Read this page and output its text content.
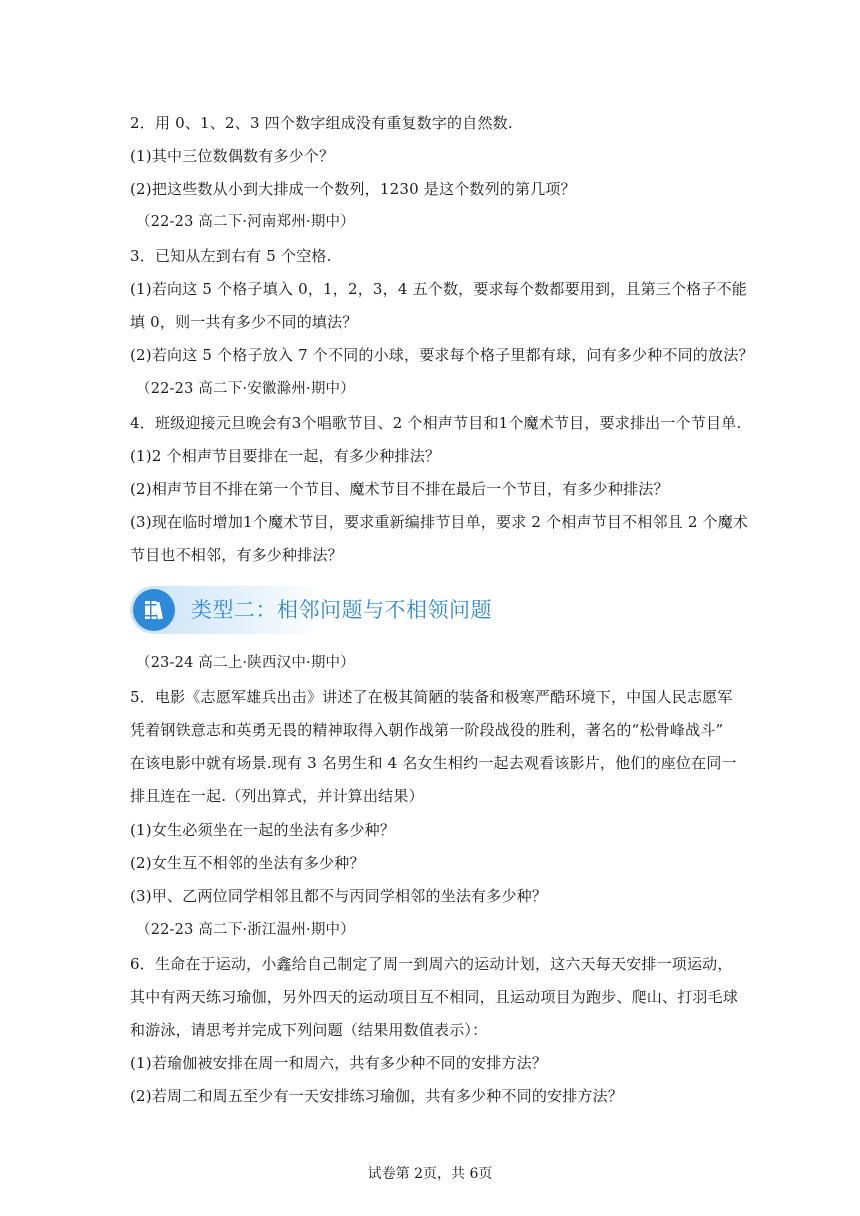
2．用 0、1、2、3 四个数字组成没有重复数字的自然数.

(1)其中三位数偶数有多少个？

(2)把这些数从小到大排成一个数列，1230 是这个数列的第几项？

（22-23 高二下·河南郑州·期中）

3．已知从左到右有 5 个空格.

(1)若向这 5 个格子填入 0，1，2，3，4 五个数，要求每个数都要用到，且第三个格子不能

填 0，则一共有多少不同的填法？

(2)若向这 5 个格子放入 7 个不同的小球，要求每个格子里都有球，问有多少种不同的放法？

（22-23 高二下·安徽滁州·期中）

4．班级迎接元旦晚会有3个唱歌节目、2 个相声节目和1个魔术节目，要求排出一个节目单.

(1)2 个相声节目要排在一起，有多少种排法？

(2)相声节目不排在第一个节目、魔术节目不排在最后一个节目，有多少种排法？

(3)现在临时增加1个魔术节目，要求重新编排节目单，要求 2 个相声节目不相邻且 2 个魔术

节目也不相邻，有多少种排法？

类型二：相邻问题与不相领问题

（23-24 高二上·陕西汉中·期中）

5．电影《志愿军雄兵出击》讲述了在极其简陋的装备和极寒严酷环境下，中国人民志愿军

凭着钢铁意志和英勇无畏的精神取得入朝作战第一阶段战役的胜利，著名的“松骨峰战斗”

在该电影中就有场景.现有 3 名男生和 4 名女生相约一起去观看该影片，他们的座位在同一

排且连在一起.（列出算式，并计算出结果）

(1)女生必须坐在一起的坐法有多少种？

(2)女生互不相邻的坐法有多少种？

(3)甲、乙两位同学相邻且都不与丙同学相邻的坐法有多少种？

（22-23 高二下·浙江温州·期中）

6．生命在于运动，小鑫给自己制定了周一到周六的运动计划，这六天每天安排一项运动，

其中有两天练习瑜伽，另外四天的运动项目互不相同，且运动项目为跑步、爬山、打羽毛球

和游泳，请思考并完成下列问题（结果用数值表示）：

(1)若瑜伽被安排在周一和周六，共有多少种不同的安排方法？

(2)若周二和周五至少有一天安排练习瑜伽，共有多少种不同的安排方法？

试卷第 2页，共 6页
